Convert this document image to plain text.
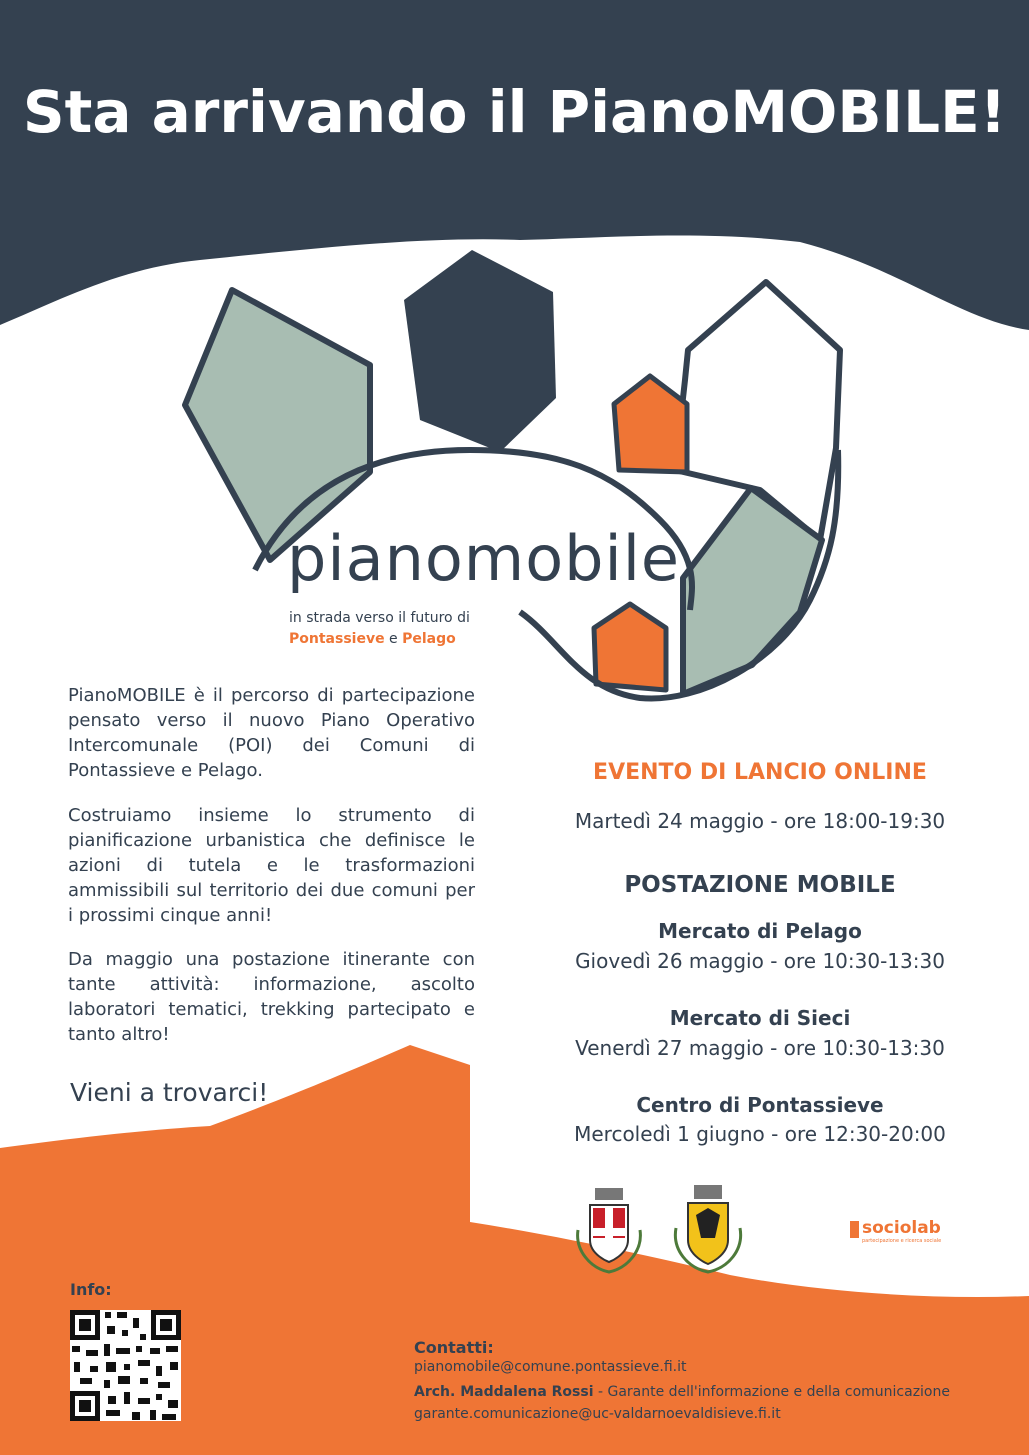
Sta arrivando il PianoMOBILE!
pianomobile
in strada verso il futuro di
Pontassieve e Pelago

PianoMOBILE è il percorso di partecipazione pensato verso il nuovo Piano Operativo Intercomunale (POI) dei Comuni di Pontassieve e Pelago.

Costruiamo insieme lo strumento di pianificazione urbanistica che definisce le azioni di tutela e le trasformazioni ammissibili sul territorio dei due comuni per i prossimi cinque anni!

Da maggio una postazione itinerante con tante attività: informazione, ascolto laboratori tematici, trekking partecipato e tanto altro!

Vieni a trovarci!
EVENTO DI LANCIO ONLINE
Martedì 24 maggio - ore 18:00-19:30
POSTAZIONE MOBILE
Mercato di Pelago
Giovedì 26 maggio - ore 10:30-13:30
Mercato di Sieci
Venerdì 27 maggio - ore 10:30-13:30
Centro di Pontassieve
Mercoledì 1 giugno - ore 12:30-20:00
sociolab
partecipazione e ricerca sociale
Info:
Contatti:
pianomobile@comune.pontassieve.fi.it
Arch. Maddalena Rossi - Garante dell'informazione e della comunicazione
garante.comunicazione@uc-valdarnoevaldisieve.fi.it
